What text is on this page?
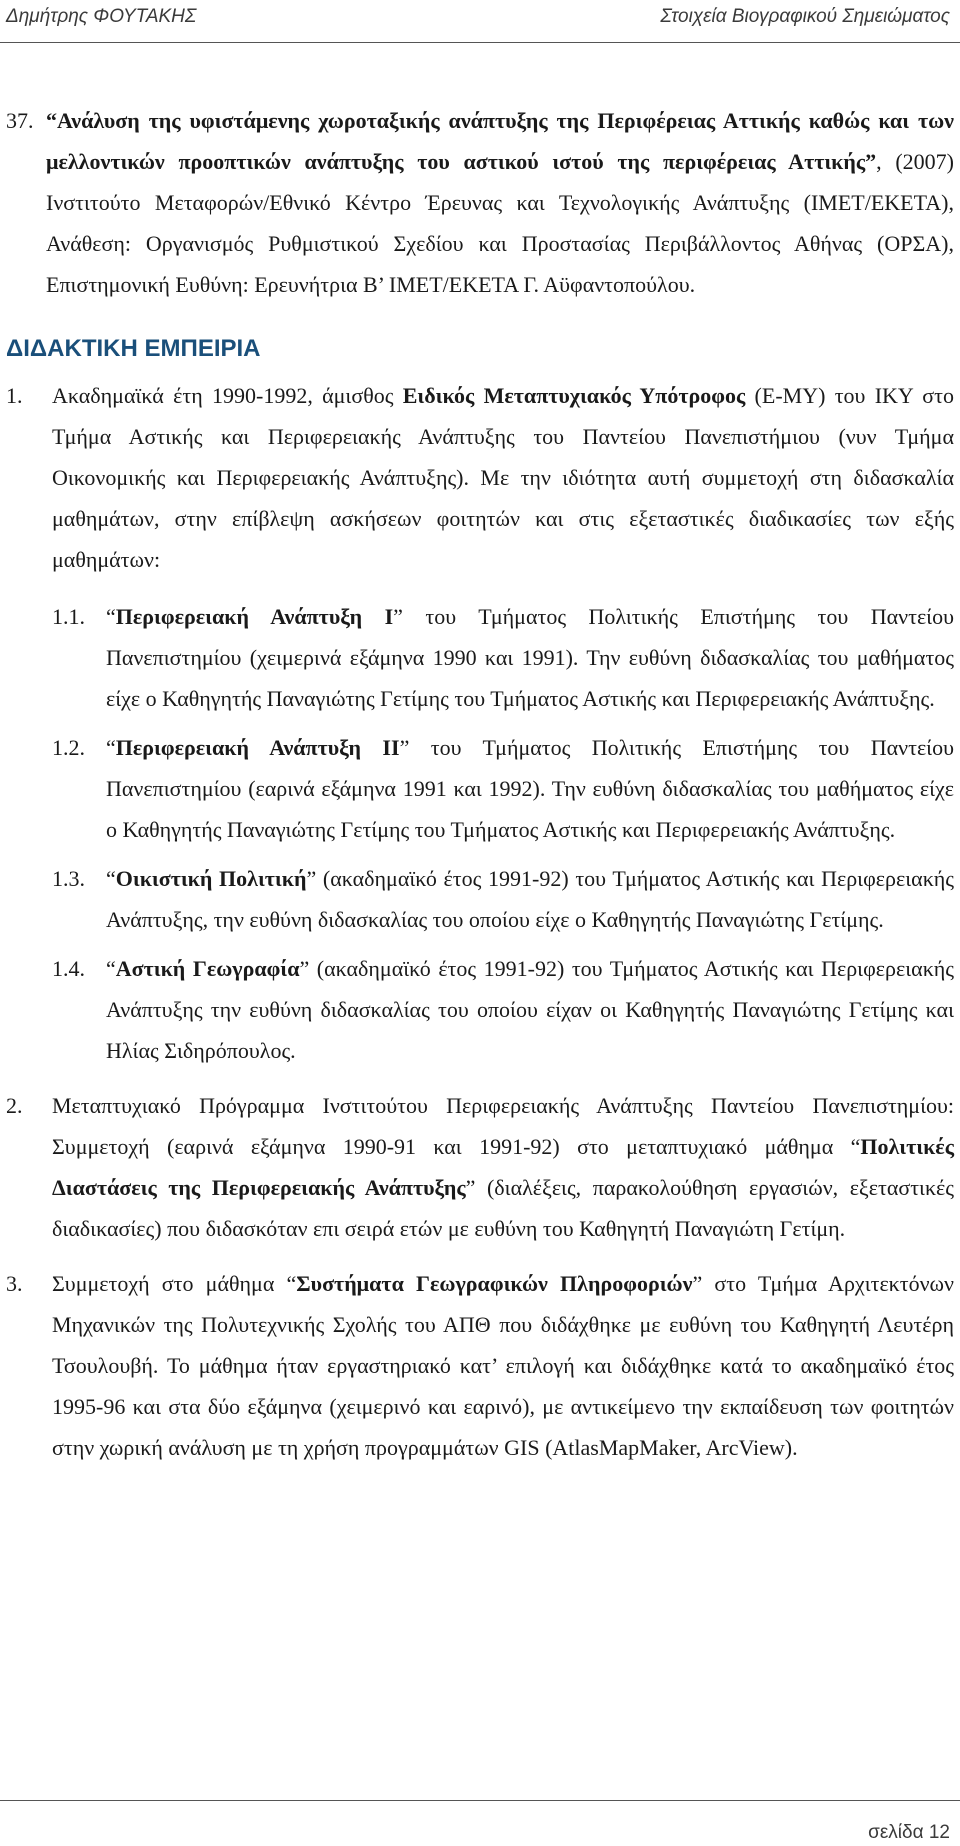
Δημήτρης ΦΟΥΤΑΚΗΣ	Στοιχεία Βιογραφικού Σημειώματος
37. “Ανάλυση της υφιστάμενης χωροταξικής ανάπτυξης της Περιφέρειας Αττικής καθώς και των μελλοντικών προοπτικών ανάπτυξης του αστικού ιστού της περιφέρειας Αττικής”, (2007) Ινστιτούτο Μεταφορών/Εθνικό Κέντρο Έρευνας και Τεχνολογικής Ανάπτυξης (ΙΜΕΤ/ΕΚΕΤΑ), Ανάθεση: Οργανισμός Ρυθμιστικού Σχεδίου και Προστασίας Περιβάλλοντος Αθήνας (ΟΡΣΑ), Επιστημονική Ευθύνη: Ερευνήτρια Β’ ΙΜΕΤ/ΕΚΕΤΑ Γ. Αϋφαντοπούλου.
ΔΙΔΑΚΤΙΚΗ ΕΜΠΕΙΡΙΑ
1. Ακαδημαϊκά έτη 1990-1992, άμισθος Ειδικός Μεταπτυχιακός Υπότροφος (Ε-ΜΥ) του ΙΚΥ στο Τμήμα Αστικής και Περιφερειακής Ανάπτυξης του Παντείου Πανεπιστήμιου (νυν Τμήμα Οικονομικής και Περιφερειακής Ανάπτυξης). Με την ιδιότητα αυτή συμμετοχή στη διδασκαλία μαθημάτων, στην επίβλεψη ασκήσεων φοιτητών και στις εξεταστικές διαδικασίες των εξής μαθημάτων:
1.1. “Περιφερειακή Ανάπτυξη Ι” του Τμήματος Πολιτικής Επιστήμης του Παντείου Πανεπιστημίου (χειμερινά εξάμηνα 1990 και 1991). Την ευθύνη διδασκαλίας του μαθήματος είχε ο Καθηγητής Παναγιώτης Γετίμης του Τμήματος Αστικής και Περιφερειακής Ανάπτυξης.
1.2. “Περιφερειακή Ανάπτυξη ΙΙ” του Τμήματος Πολιτικής Επιστήμης του Παντείου Πανεπιστημίου (εαρινά εξάμηνα 1991 και 1992). Την ευθύνη διδασκαλίας του μαθήματος είχε ο Καθηγητής Παναγιώτης Γετίμης του Τμήματος Αστικής και Περιφερειακής Ανάπτυξης.
1.3. “Οικιστική Πολιτική” (ακαδημαϊκό έτος 1991-92) του Τμήματος Αστικής και Περιφερειακής Ανάπτυξης, την ευθύνη διδασκαλίας του οποίου είχε ο Καθηγητής Παναγιώτης Γετίμης.
1.4. “Αστική Γεωγραφία” (ακαδημαϊκό έτος 1991-92) του Τμήματος Αστικής και Περιφερειακής Ανάπτυξης την ευθύνη διδασκαλίας του οποίου είχαν οι Καθηγητής Παναγιώτης Γετίμης και Ηλίας Σιδηρόπουλος.
2. Μεταπτυχιακό Πρόγραμμα Ινστιτούτου Περιφερειακής Ανάπτυξης Παντείου Πανεπιστημίου: Συμμετοχή (εαρινά εξάμηνα 1990-91 και 1991-92) στο μεταπτυχιακό μάθημα “Πολιτικές Διαστάσεις της Περιφερειακής Ανάπτυξης” (διαλέξεις, παρακολούθηση εργασιών, εξεταστικές διαδικασίες) που διδασκόταν επι σειρά ετών με ευθύνη του Καθηγητή Παναγιώτη Γετίμη.
3. Συμμετοχή στο μάθημα “Συστήματα Γεωγραφικών Πληροφοριών” στο Τμήμα Αρχιτεκτόνων Μηχανικών της Πολυτεχνικής Σχολής του ΑΠΘ που διδάχθηκε με ευθύνη του Καθηγητή Λευτέρη Τσουλουβή. Το μάθημα ήταν εργαστηριακό κατ’ επιλογή και διδάχθηκε κατά το ακαδημαϊκό έτος 1995-96 και στα δύο εξάμηνα (χειμερινό και εαρινό), με αντικείμενο την εκπαίδευση των φοιτητών στην χωρική ανάλυση με τη χρήση προγραμμάτων GIS (AtlasMapMaker, ArcView).
σελίδα 12
